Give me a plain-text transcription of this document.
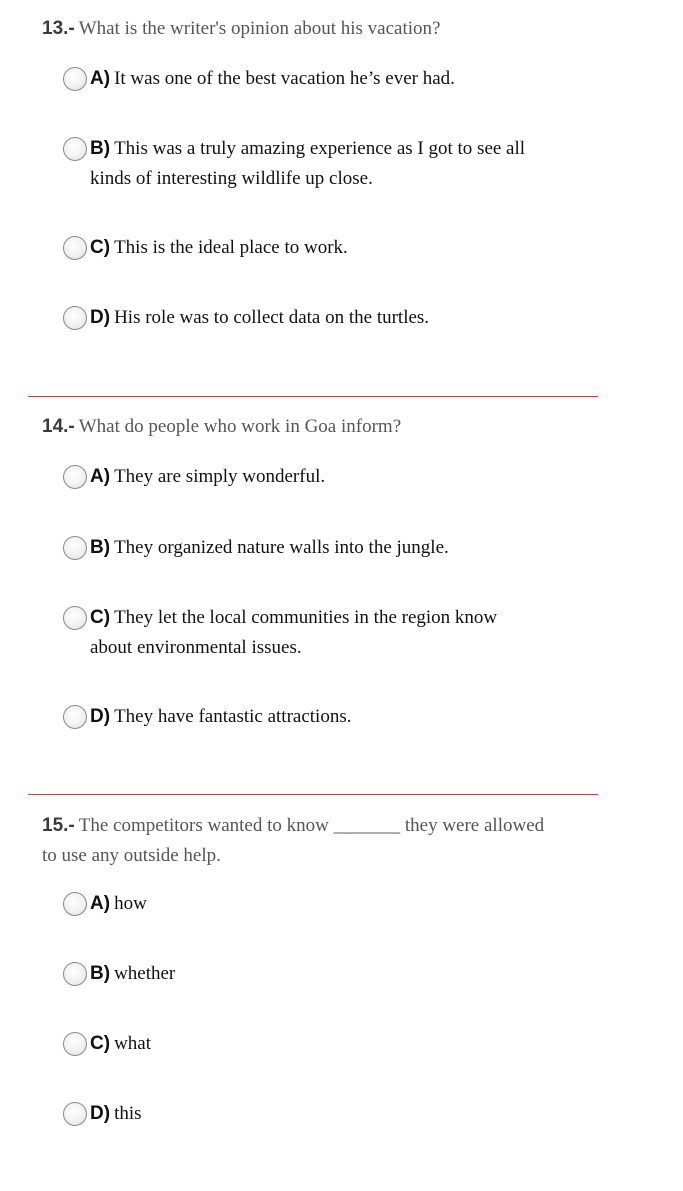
13.- What is the writer's opinion about his vacation?
A) It was one of the best vacation he’s ever had.
B) This was a truly amazing experience as I got to see all
kinds of interesting wildlife up close.
C) This is the ideal place to work.
D) His role was to collect data on the turtles.
14.- What do people who work in Goa inform?
A) They are simply wonderful.
B) They organized nature walls into the jungle.
C) They let the local communities in the region know
about environmental issues.
D) They have fantastic attractions.
15.- The competitors wanted to know _______ they were allowed
to use any outside help.
A) how
B) whether
C) what
D) this
